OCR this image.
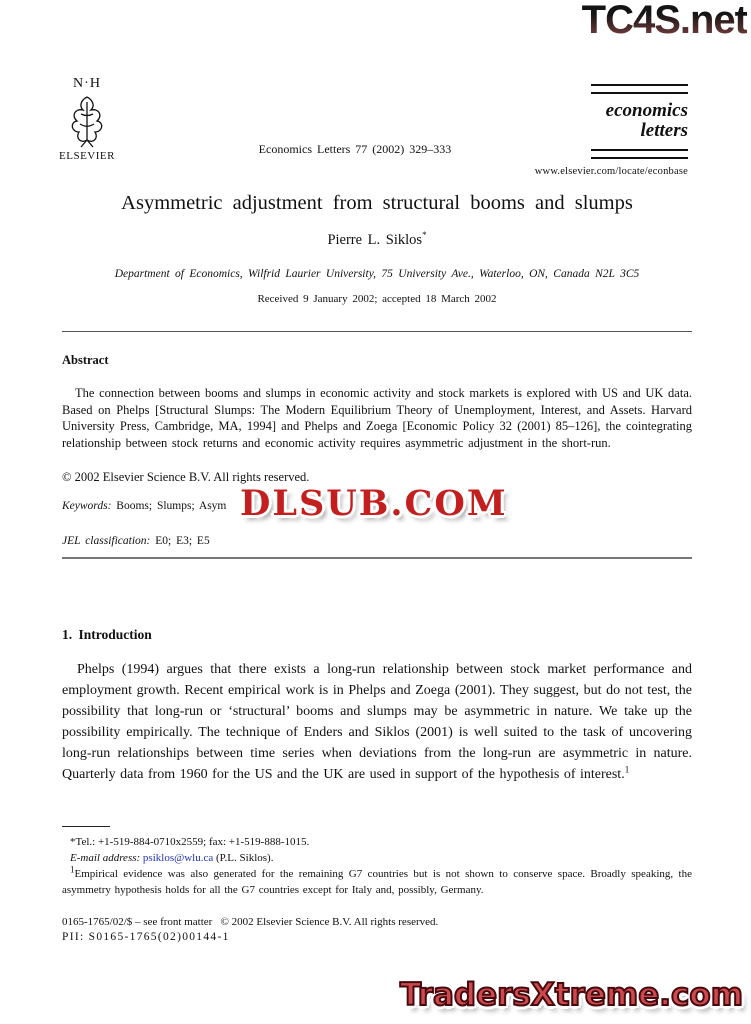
TC4S.net
N·H
ELSEVIER	Economics Letters 77 (2002) 329–333
economics
letters
www.elsevier.com/locate/econbase
Asymmetric adjustment from structural booms and slumps
Pierre L. Siklos*
Department of Economics, Wilfrid Laurier University, 75 University Ave., Waterloo, ON, Canada N2L 3C5
Received 9 January 2002; accepted 18 March 2002
Abstract
The connection between booms and slumps in economic activity and stock markets is explored with US and UK data. Based on Phelps [Structural Slumps: The Modern Equilibrium Theory of Unemployment, Interest, and Assets. Harvard University Press, Cambridge, MA, 1994] and Phelps and Zoega [Economic Policy 32 (2001) 85–126], the cointegrating relationship between stock returns and economic activity requires asymmetric adjustment in the short-run.
© 2002 Elsevier Science B.V. All rights reserved.
Keywords: Booms; Slumps; Asym DLSUB.COM
JEL classification: E0; E3; E5
1. Introduction
Phelps (1994) argues that there exists a long-run relationship between stock market performance and employment growth. Recent empirical work is in Phelps and Zoega (2001). They suggest, but do not test, the possibility that long-run or ‘structural’ booms and slumps may be asymmetric in nature. We take up the possibility empirically. The technique of Enders and Siklos (2001) is well suited to the task of uncovering long-run relationships between time series when deviations from the long-run are asymmetric in nature. Quarterly data from 1960 for the US and the UK are used in support of the hypothesis of interest.$^1$
*Tel.: +1-519-884-0710x2559; fax: +1-519-888-1015.
E-mail address: psiklos@wlu.ca (P.L. Siklos).
$^1$Empirical evidence was also generated for the remaining G7 countries but is not shown to conserve space. Broadly speaking, the asymmetry hypothesis holds for all the G7 countries except for Italy and, possibly, Germany.
0165-1765/02/$ – see front matter   © 2002 Elsevier Science B.V. All rights reserved.
PII: S0165-1765(02)00144-1
TradersXtreme.com
